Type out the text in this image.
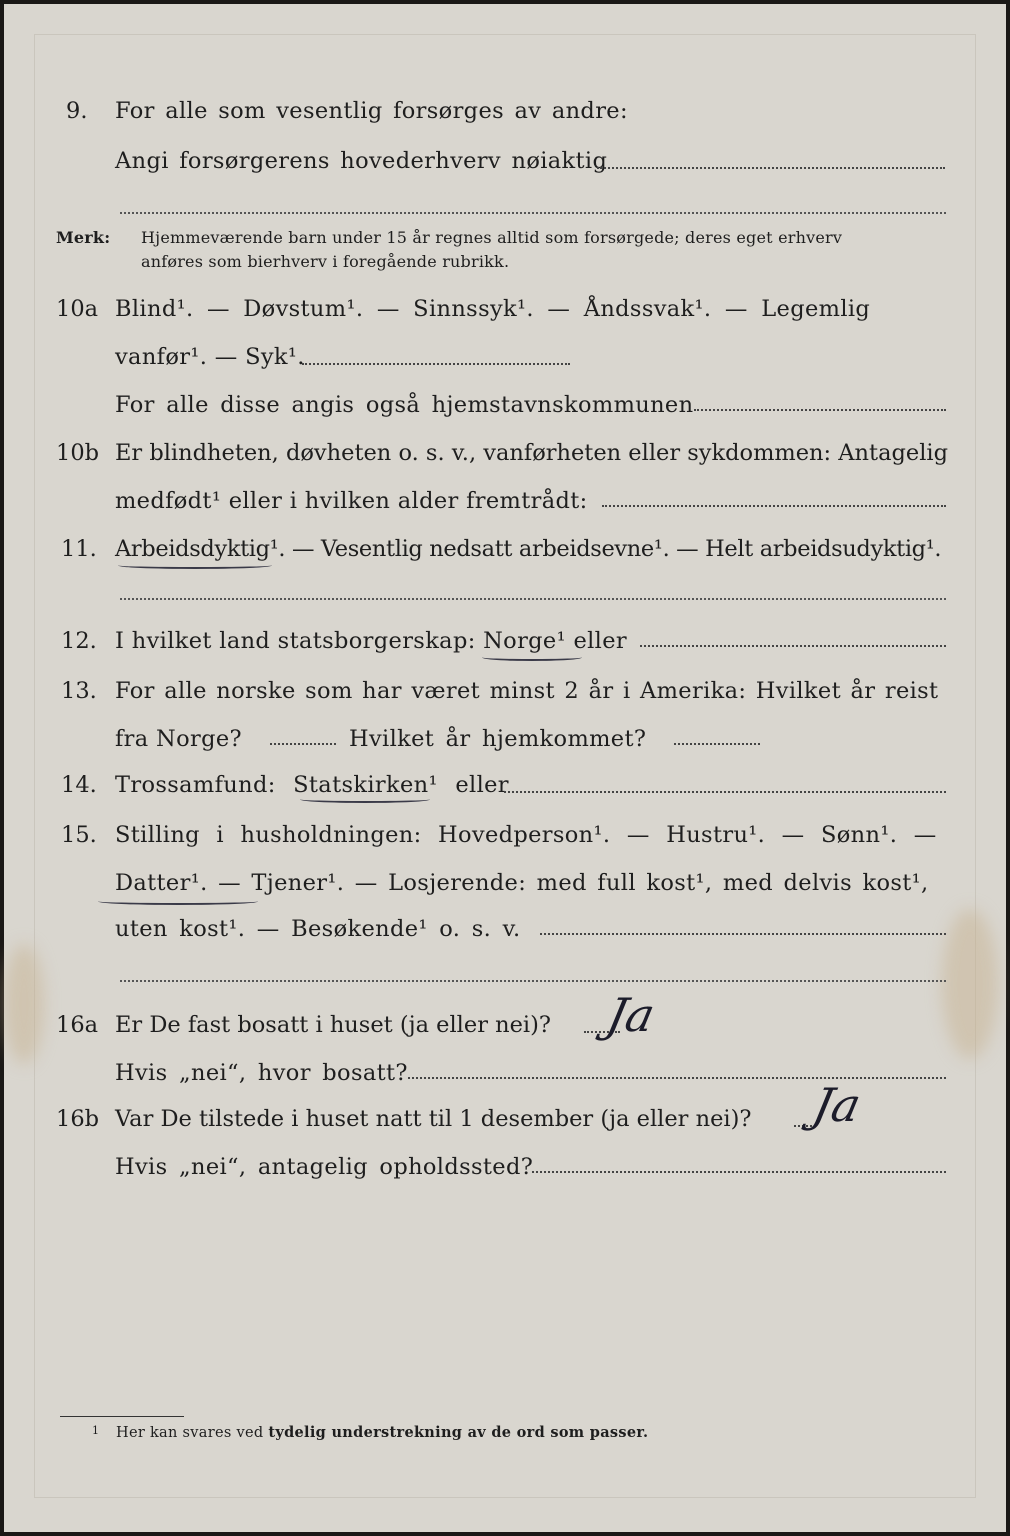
9. For alle som vesentlig forsørges av andre:
Angi forsørgerens hovederhverv nøiaktig
Merk: Hjemmeværende barn under 15 år regnes alltid som forsørgede; deres eget erhverv
anføres som bierhverv i foregående rubrikk.
10a Blind¹. — Døvstum¹. — Sinnssyk¹. — Åndssvak¹. — Legemlig
vanfør¹. — Syk¹.
For alle disse angis også hjemstavnskommunen
10b Er blindheten, døvheten o. s. v., vanførheten eller sykdommen: Antagelig
medfødt¹ eller i hvilken alder fremtrådt:
11. Arbeidsdyktig¹. — Vesentlig nedsatt arbeidsevne¹. — Helt arbeidsudyktig¹.
12. I hvilket land statsborgerskap: Norge¹ eller
13. For alle norske som har været minst 2 år i Amerika: Hvilket år reist
fra Norge?	Hvilket år hjemkommet?
14. Trossamfund: Statskirken¹ eller
15. Stilling i husholdningen: Hovedperson¹. — Hustru¹. — Sønn¹. —
Datter¹. — Tjener¹. — Losjerende: med full kost¹, med delvis kost¹,
uten kost¹. — Besøkende¹ o. s. v.
16a Er De fast bosatt i huset (ja eller nei)? Ja
Hvis „nei“, hvor bosatt?
16b Var De tilstede i huset natt til 1 desember (ja eller nei)? Ja
Hvis „nei“, antagelig opholdssted?
1 Her kan svares ved tydelig understrekning av de ord som passer.
